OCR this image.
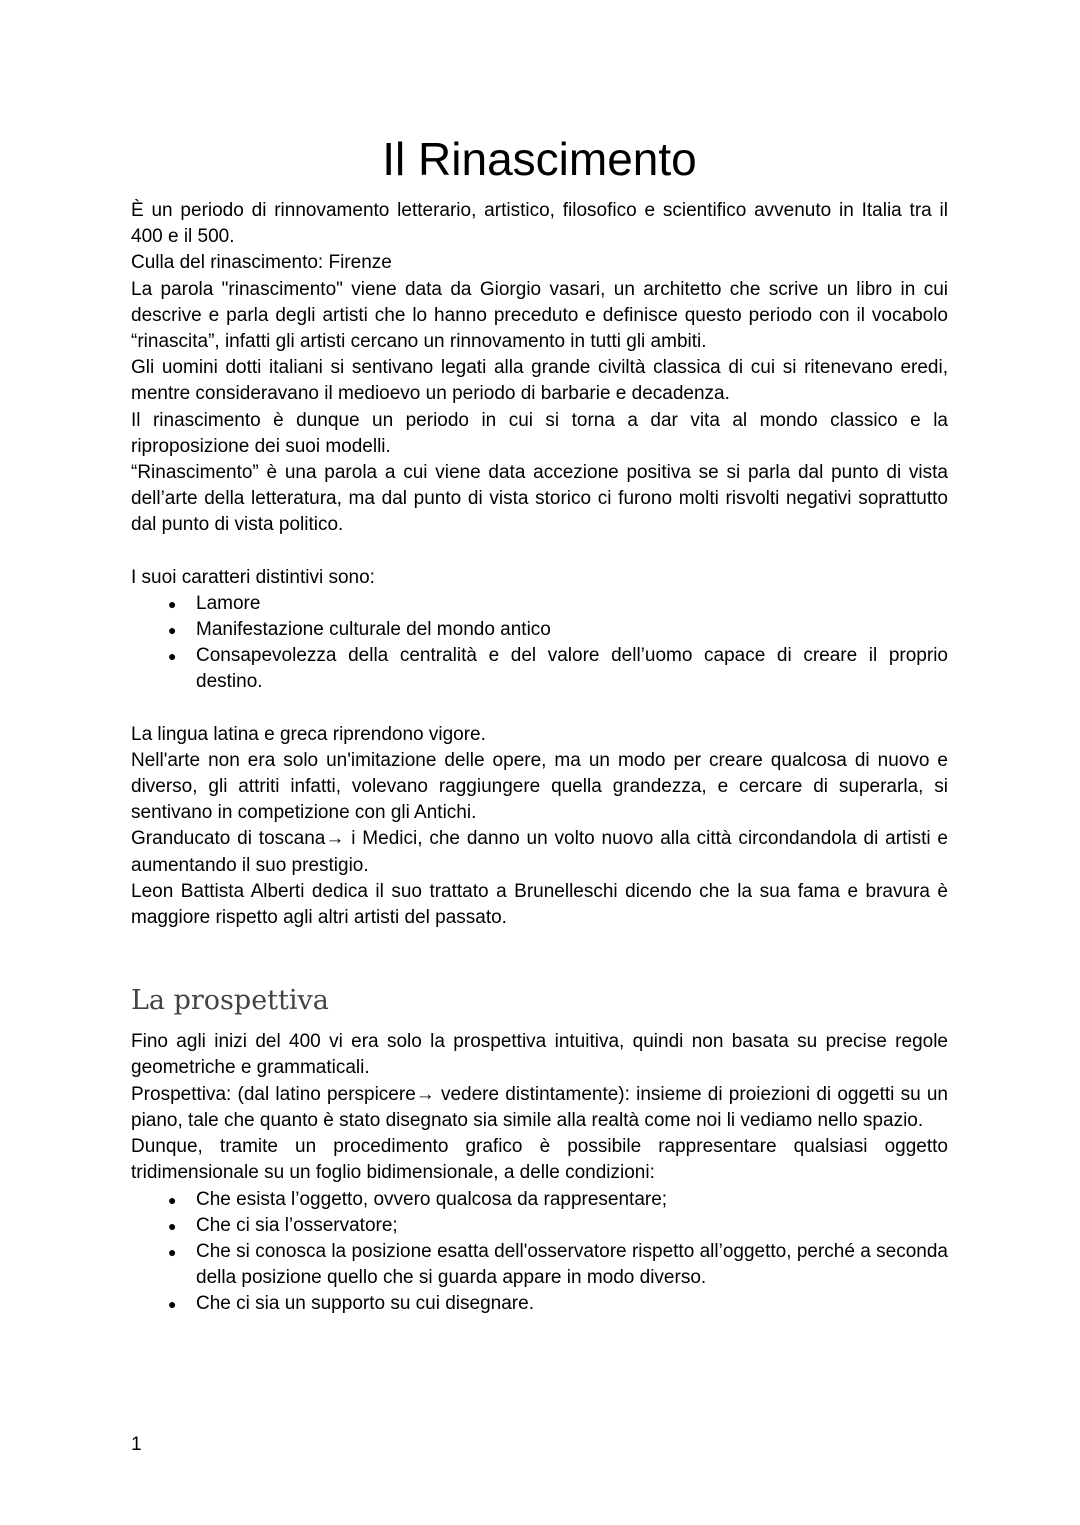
Il Rinascimento

È un periodo di rinnovamento letterario, artistico, filosofico e scientifico avvenuto in Italia tra il 400 e il 500.

Culla del rinascimento: Firenze

La parola "rinascimento" viene data da Giorgio vasari, un architetto che scrive un libro in cui descrive e parla degli artisti che lo hanno preceduto e definisce questo periodo con il vocabolo “rinascita”, infatti gli artisti cercano un rinnovamento in tutti gli ambiti.

Gli uomini dotti italiani si sentivano legati alla grande civiltà classica di cui si ritenevano eredi, mentre consideravano il medioevo un periodo di barbarie e decadenza.

Il rinascimento è dunque un periodo in cui si torna a dar vita al mondo classico e la riproposizione dei suoi modelli.

“Rinascimento” è una parola a cui viene data accezione positiva se si parla dal punto di vista dell’arte della letteratura, ma dal punto di vista storico ci furono molti risvolti negativi soprattutto dal punto di vista politico.

I suoi caratteri distintivi sono:

● Lamore
● Manifestazione culturale del mondo antico
● Consapevolezza della centralità e del valore dell’uomo capace di creare il proprio destino.

La lingua latina e greca riprendono vigore.

Nell'arte non era solo un'imitazione delle opere, ma un modo per creare qualcosa di nuovo e diverso, gli attriti infatti, volevano raggiungere quella grandezza, e cercare di superarla, si sentivano in competizione con gli Antichi.

Granducato di toscana→ i Medici, che danno un volto nuovo alla città circondandola di artisti e aumentando il suo prestigio.

Leon Battista Alberti dedica il suo trattato a Brunelleschi dicendo che la sua fama e bravura è maggiore rispetto agli altri artisti del passato.

La prospettiva

Fino agli inizi del 400 vi era solo la prospettiva intuitiva, quindi non basata su precise regole geometriche e grammaticali.

Prospettiva: (dal latino perspicere→ vedere distintamente): insieme di proiezioni di oggetti su un piano, tale che quanto è stato disegnato sia simile alla realtà come noi li vediamo nello spazio.

Dunque, tramite un procedimento grafico è possibile rappresentare qualsiasi oggetto tridimensionale su un foglio bidimensionale, a delle condizioni:

● Che esista l’oggetto, ovvero qualcosa da rappresentare;
● Che ci sia l’osservatore;
● Che si conosca la posizione esatta dell'osservatore rispetto all’oggetto, perché a seconda della posizione quello che si guarda appare in modo diverso.
● Che ci sia un supporto su cui disegnare.
1
